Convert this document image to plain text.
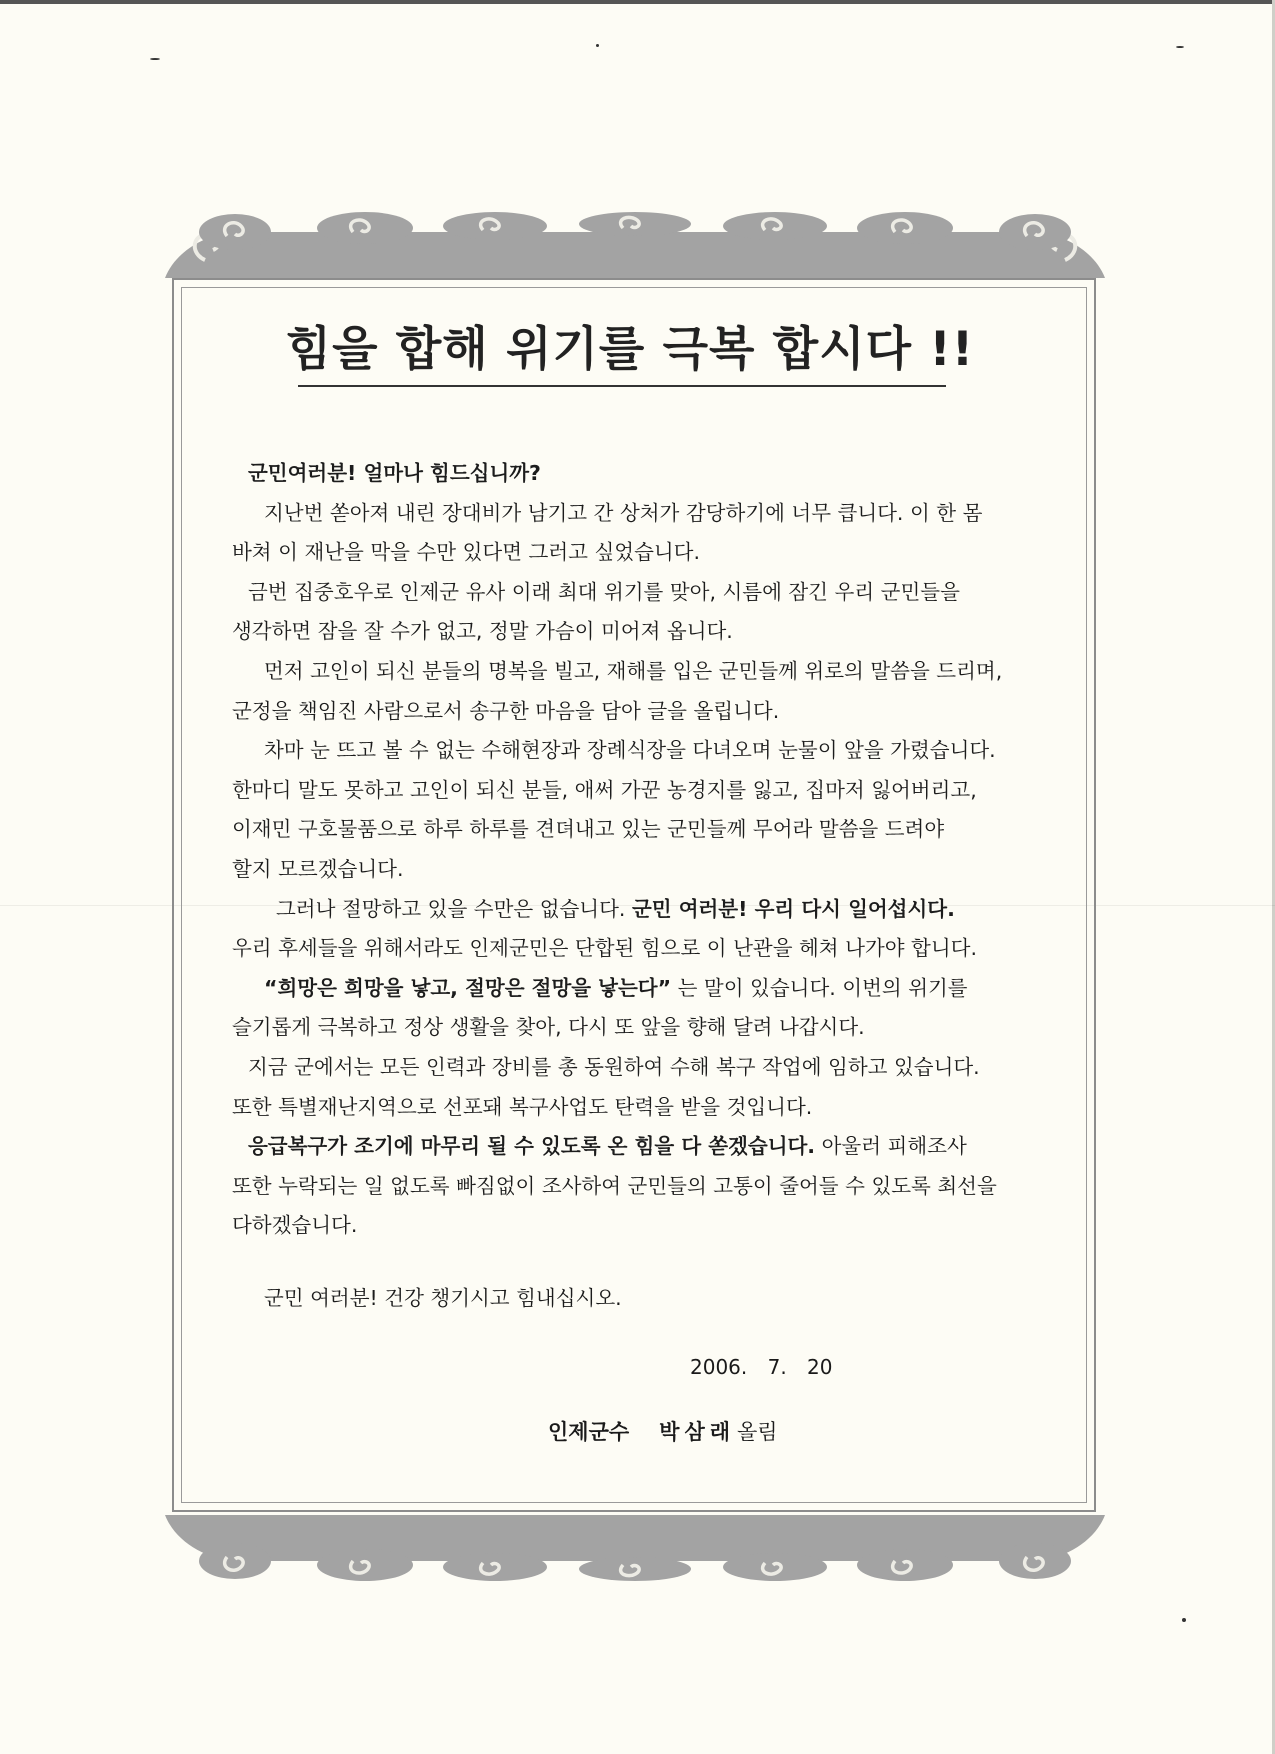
힘을 합해 위기를 극복 합시다 !!
군민여러분! 얼마나 힘드십니까?
지난번 쏟아져 내린 장대비가 남기고 간 상처가 감당하기에 너무 큽니다. 이 한 몸
바쳐 이 재난을 막을 수만 있다면 그러고 싶었습니다.
금번 집중호우로 인제군 유사 이래 최대 위기를 맞아, 시름에 잠긴 우리 군민들을
생각하면 잠을 잘 수가 없고, 정말 가슴이 미어져 옵니다.
먼저 고인이 되신 분들의 명복을 빌고, 재해를 입은 군민들께 위로의 말씀을 드리며,
군정을 책임진 사람으로서 송구한 마음을 담아 글을 올립니다.
차마 눈 뜨고 볼 수 없는 수해현장과 장례식장을 다녀오며 눈물이 앞을 가렸습니다.
한마디 말도 못하고 고인이 되신 분들, 애써 가꾼 농경지를 잃고, 집마저 잃어버리고,
이재민 구호물품으로 하루 하루를 견뎌내고 있는 군민들께 무어라 말씀을 드려야
할지 모르겠습니다.
그러나 절망하고 있을 수만은 없습니다. 군민 여러분! 우리 다시 일어섭시다.
우리 후세들을 위해서라도 인제군민은 단합된 힘으로 이 난관을 헤쳐 나가야 합니다.
“희망은 희망을 낳고, 절망은 절망을 낳는다” 는 말이 있습니다. 이번의 위기를
슬기롭게 극복하고 정상 생활을 찾아, 다시 또 앞을 향해 달려 나갑시다.
지금 군에서는 모든 인력과 장비를 총 동원하여 수해 복구 작업에 임하고 있습니다.
또한 특별재난지역으로 선포돼 복구사업도 탄력을 받을 것입니다.
응급복구가 조기에 마무리 될 수 있도록 온 힘을 다 쏟겠습니다. 아울러 피해조사
또한 누락되는 일 없도록 빠짐없이 조사하여 군민들의 고통이 줄어들 수 있도록 최선을
다하겠습니다.
군민 여러분! 건강 챙기시고 힘내십시오.
2006. 7. 20
인제군수 박삼래올림
